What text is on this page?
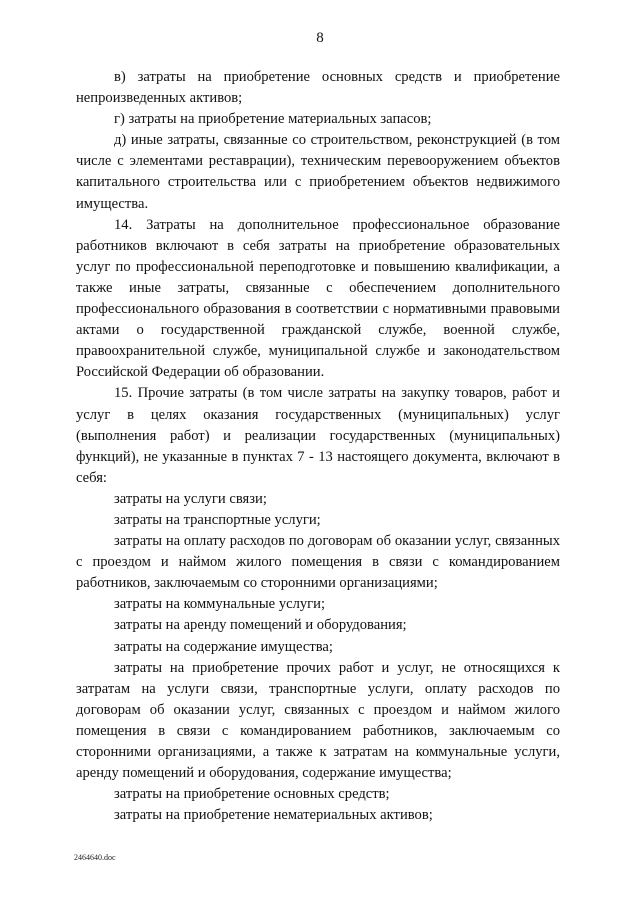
8

в) затраты на приобретение основных средств и приобретение непроизведенных активов;

г) затраты на приобретение материальных запасов;

д) иные затраты, связанные со строительством, реконструкцией (в том числе с элементами реставрации), техническим перевооружением объектов капитального строительства или с приобретением объектов недвижимого имущества.

14. Затраты на дополнительное профессиональное образование работников включают в себя затраты на приобретение образовательных услуг по профессиональной переподготовке и повышению квалификации, а также иные затраты, связанные с обеспечением дополнительного профессионального образования в соответствии с нормативными правовыми актами о государственной гражданской службе, военной службе, правоохранительной службе, муниципальной службе и законодательством Российской Федерации об образовании.

15. Прочие затраты (в том числе затраты на закупку товаров, работ и услуг в целях оказания государственных (муниципальных) услуг (выполнения работ) и реализации государственных (муниципальных) функций), не указанные в пунктах 7 - 13 настоящего документа, включают в себя:

затраты на услуги связи;

затраты на транспортные услуги;

затраты на оплату расходов по договорам об оказании услуг, связанных с проездом и наймом жилого помещения в связи с командированием работников, заключаемым со сторонними организациями;

затраты на коммунальные услуги;

затраты на аренду помещений и оборудования;

затраты на содержание имущества;

затраты на приобретение прочих работ и услуг, не относящихся к затратам на услуги связи, транспортные услуги, оплату расходов по договорам об оказании услуг, связанных с проездом и наймом жилого помещения в связи с командированием работников, заключаемым со сторонними организациями, а также к затратам на коммунальные услуги, аренду помещений и оборудования, содержание имущества;

затраты на приобретение основных средств;

затраты на приобретение нематериальных активов;

2464640.doc
